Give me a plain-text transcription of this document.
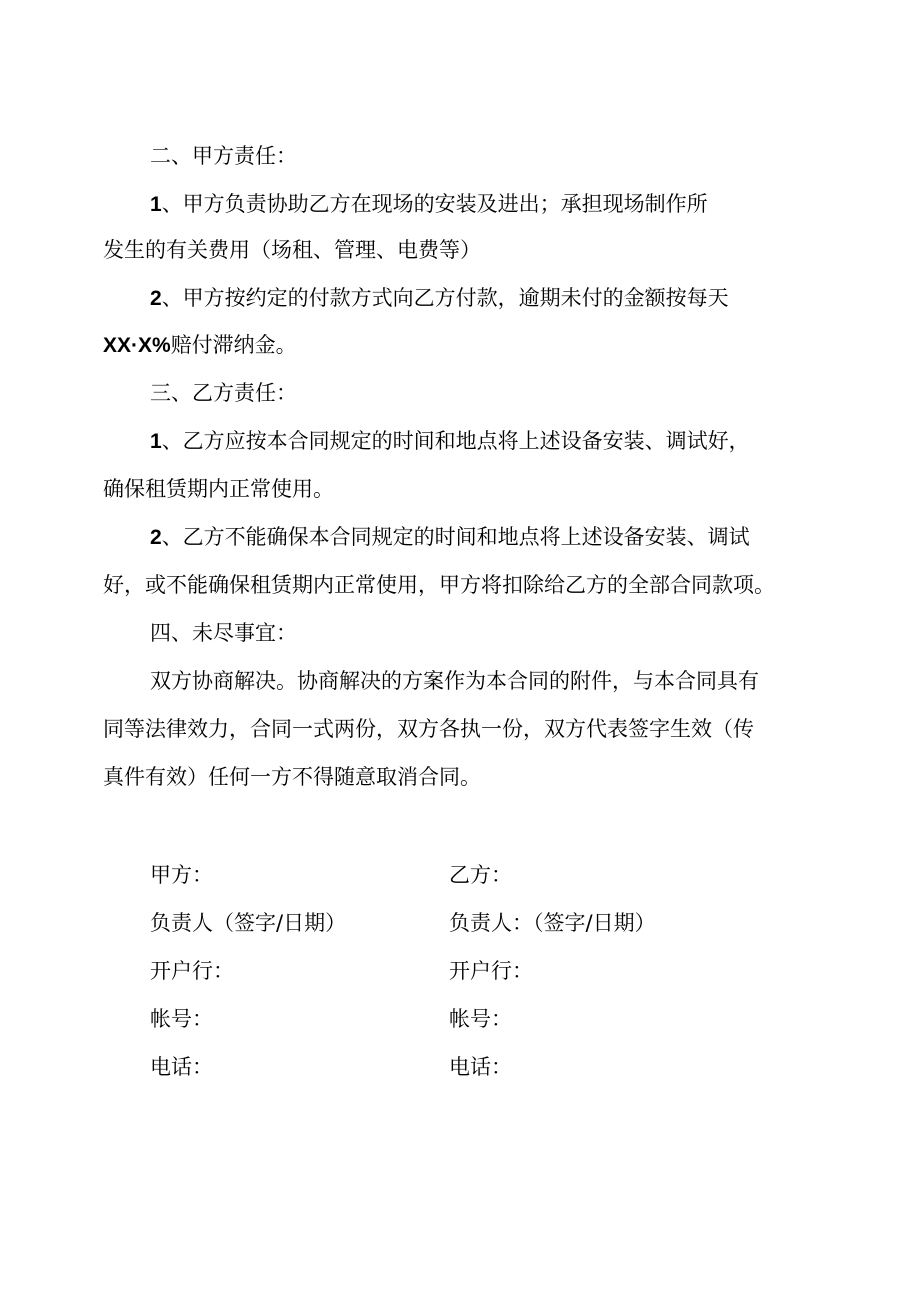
二、甲方责任：
1、甲方负责协助乙方在现场的安装及进出；承担现场制作所
发生的有关费用（场租、管理、电费等）
2、甲方按约定的付款方式向乙方付款，逾期未付的金额按每天
XX·X%赔付滞纳金。
三、乙方责任：
1、乙方应按本合同规定的时间和地点将上述设备安装、调试好，
确保租赁期内正常使用。
2、乙方不能确保本合同规定的时间和地点将上述设备安装、调试
好，或不能确保租赁期内正常使用，甲方将扣除给乙方的全部合同款项。
四、未尽事宜：
双方协商解决。协商解决的方案作为本合同的附件，与本合同具有
同等法律效力，合同一式两份，双方各执一份，双方代表签字生效（传
真件有效）任何一方不得随意取消合同。
甲方：
负责人（签字/日期）
开户行：
帐号：
电话：
乙方：
负责人：（签字/日期）
开户行：
帐号：
电话：
